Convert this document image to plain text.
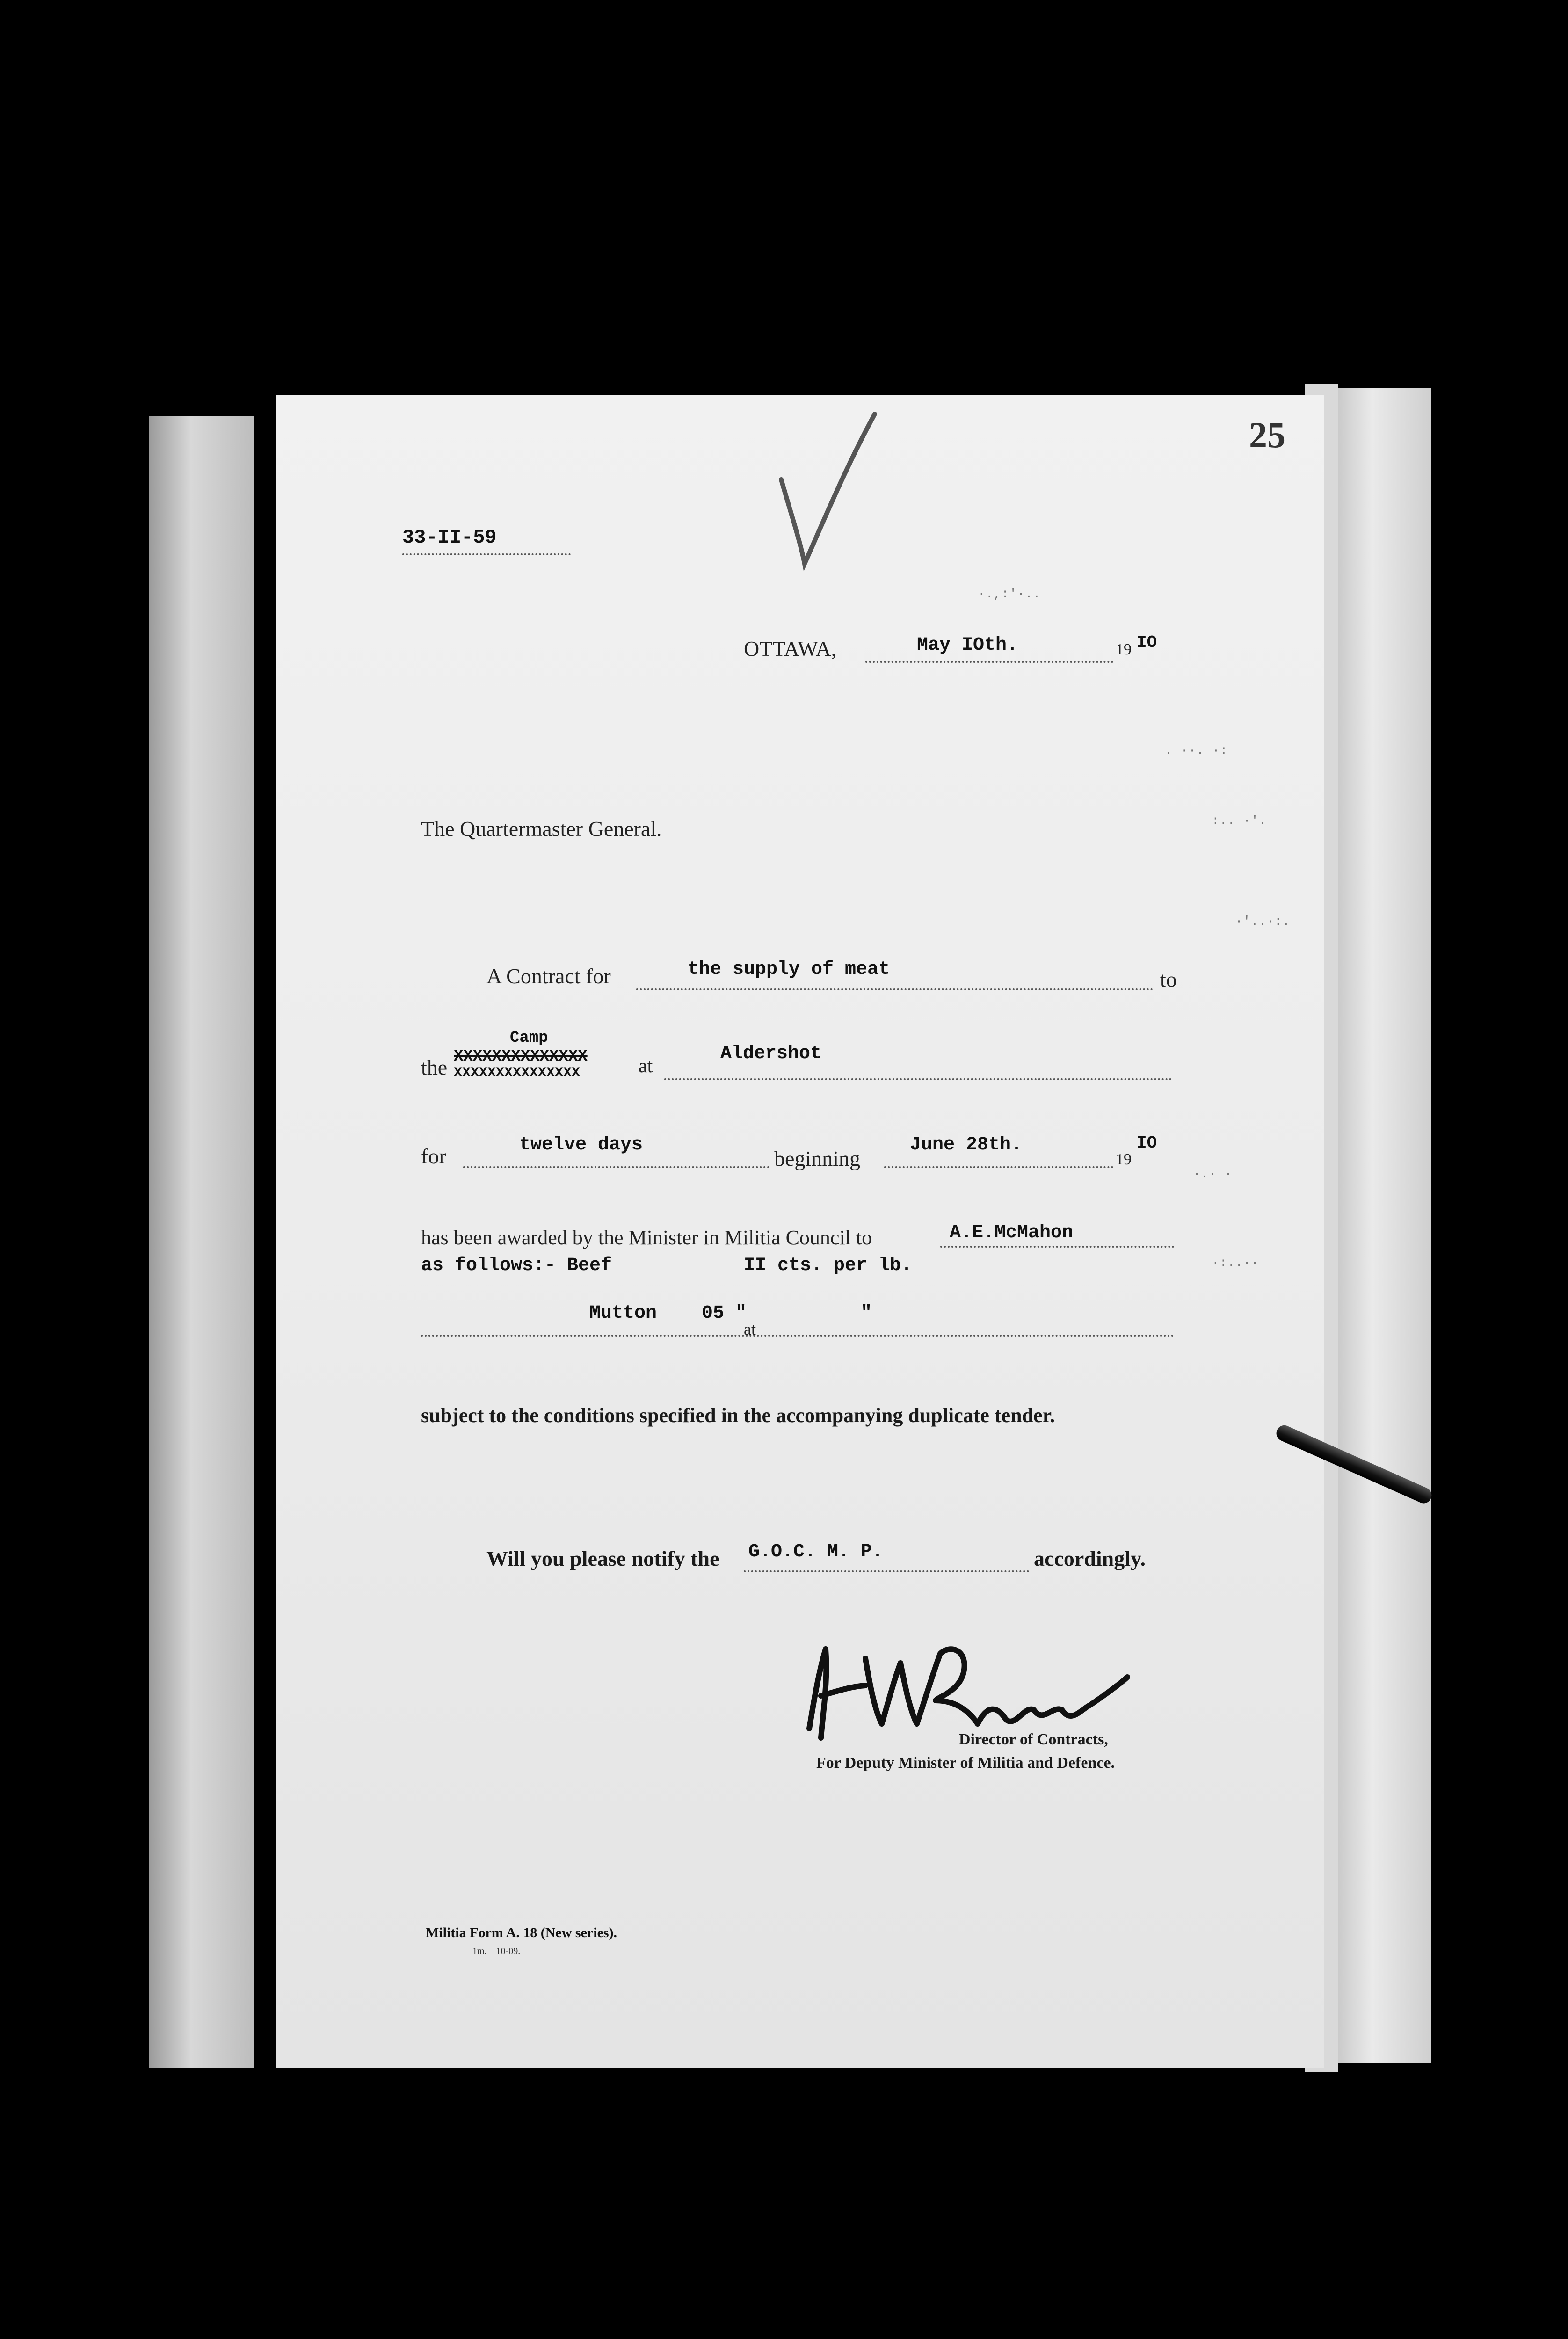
25
33-II-59
OTTAWA,	May IOth.	19 IO
The Quartermaster General.
A Contract for	the supply of meat	to
the
Camp
XXXXXXXXXXXXXX
XXXXXXXXXXXXXXX	at
Aldershot
for	twelve days
beginning
June 28th.
19
IO
has been awarded by the Minister in Militia Council to	A.E.McMahon
as follows:- Beef	II cts. per lb.
Mutton 05 "	"
at
subject to the conditions specified in the accompanying duplicate tender.
Will you please notify the G.O.C. M. P.	accordingly.
Director of Contracts,
For Deputy Minister of Militia and Defence.
Militia Form A. 18 (New series).
1m.—10-09.
·.,:'·..
. ··. ·:
:.. ·'.
·'..·:.
·.· ·
·:..··
